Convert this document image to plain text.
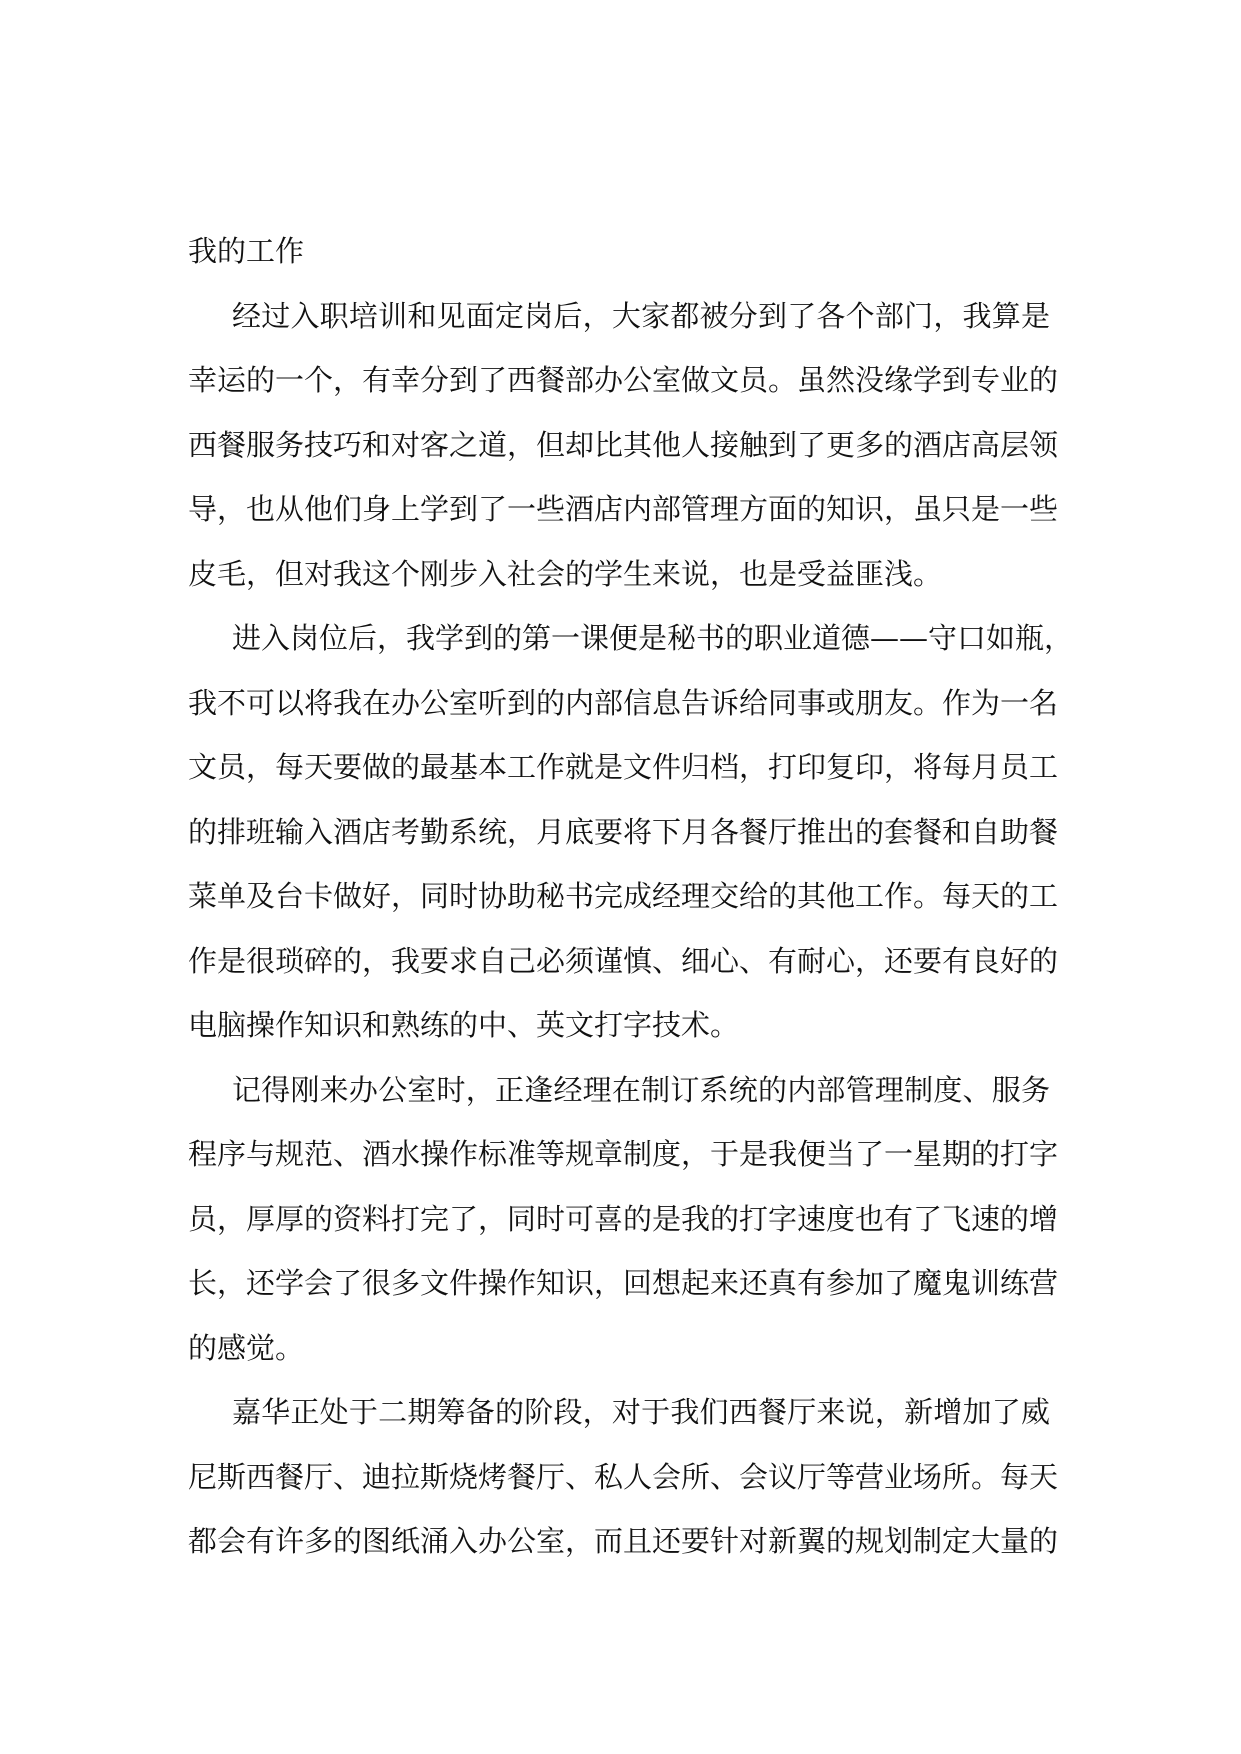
我的工作
经过入职培训和见面定岗后，大家都被分到了各个部门，我算是
幸运的一个，有幸分到了西餐部办公室做文员。虽然没缘学到专业的
西餐服务技巧和对客之道，但却比其他人接触到了更多的酒店高层领
导，也从他们身上学到了一些酒店内部管理方面的知识，虽只是一些
皮毛，但对我这个刚步入社会的学生来说，也是受益匪浅。
进入岗位后，我学到的第一课便是秘书的职业道德——守口如瓶，
我不可以将我在办公室听到的内部信息告诉给同事或朋友。作为一名
文员，每天要做的最基本工作就是文件归档，打印复印，将每月员工
的排班输入酒店考勤系统，月底要将下月各餐厅推出的套餐和自助餐
菜单及台卡做好，同时协助秘书完成经理交给的其他工作。每天的工
作是很琐碎的，我要求自己必须谨慎、细心、有耐心，还要有良好的
电脑操作知识和熟练的中、英文打字技术。
记得刚来办公室时，正逢经理在制订系统的内部管理制度、服务
程序与规范、酒水操作标准等规章制度，于是我便当了一星期的打字
员，厚厚的资料打完了，同时可喜的是我的打字速度也有了飞速的增
长，还学会了很多文件操作知识，回想起来还真有参加了魔鬼训练营
的感觉。
嘉华正处于二期筹备的阶段，对于我们西餐厅来说，新增加了威
尼斯西餐厅、迪拉斯烧烤餐厅、私人会所、会议厅等营业场所。每天
都会有许多的图纸涌入办公室，而且还要针对新翼的规划制定大量的
